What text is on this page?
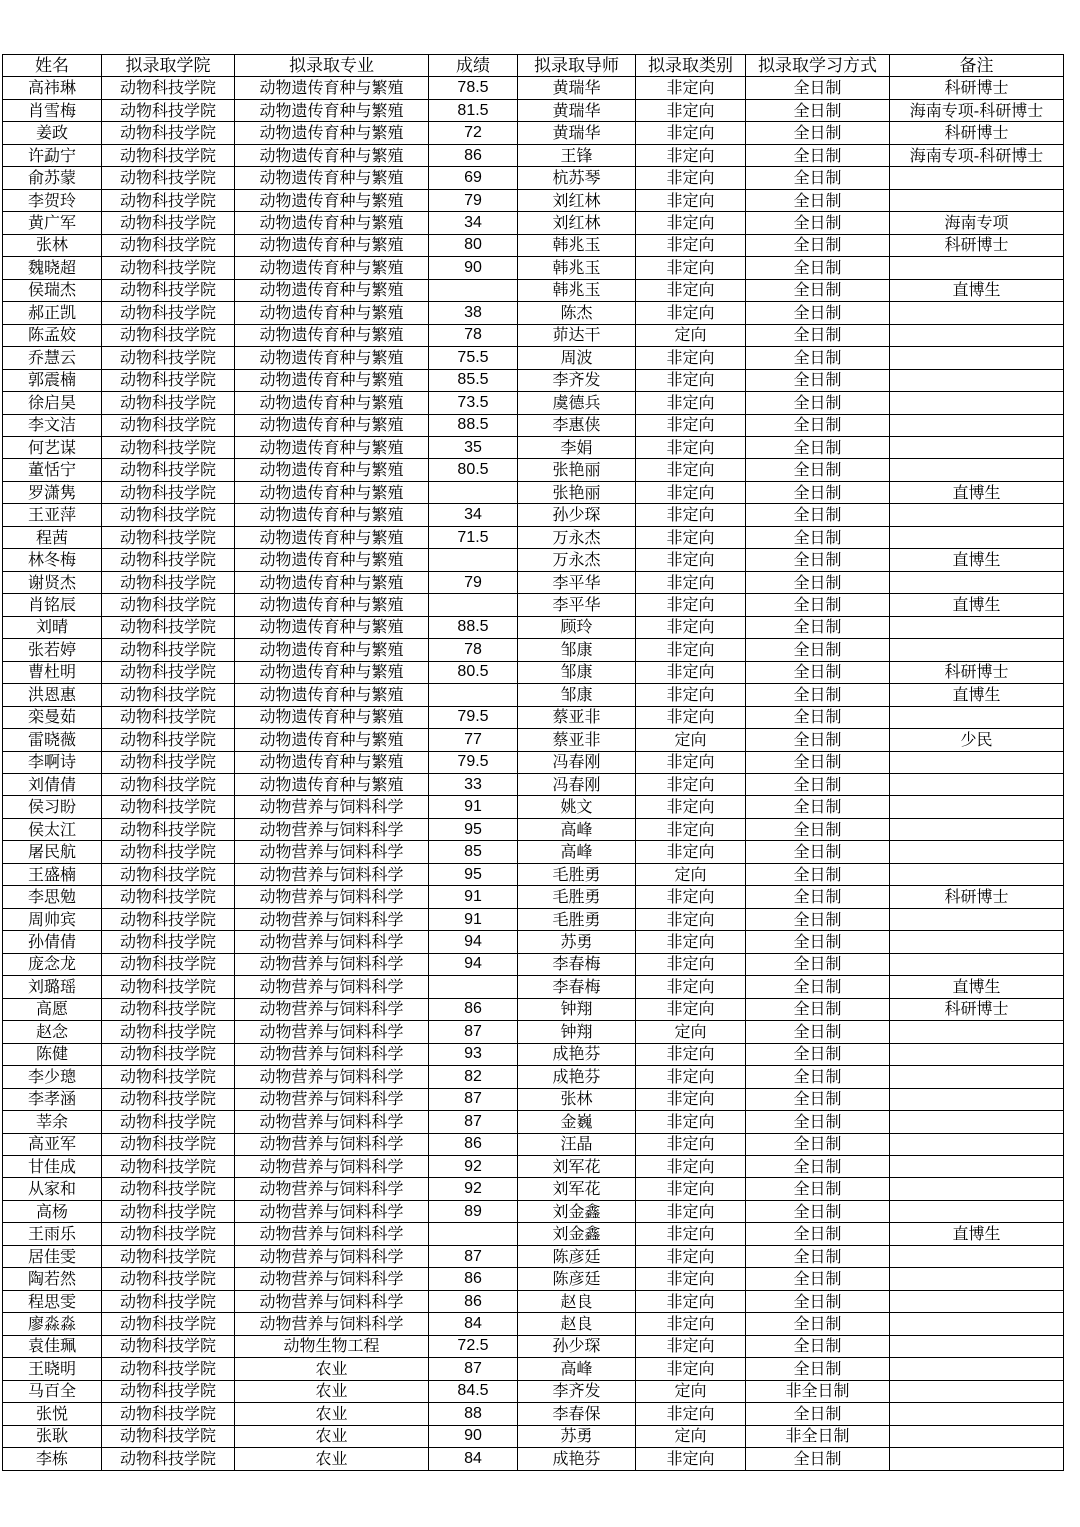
姓名	拟录取学院	拟录取专业	成绩	拟录取导师	拟录取类别	拟录取学习方式	备注
高祎琳	动物科技学院	动物遗传育种与繁殖	78.5	黄瑞华	非定向	全日制	科研博士
肖雪梅	动物科技学院	动物遗传育种与繁殖	81.5	黄瑞华	非定向	全日制	海南专项-科研博士
姜政	动物科技学院	动物遗传育种与繁殖	72	黄瑞华	非定向	全日制	科研博士
许勐宁	动物科技学院	动物遗传育种与繁殖	86	王锋	非定向	全日制	海南专项-科研博士
俞苏蒙	动物科技学院	动物遗传育种与繁殖	69	杭苏琴	非定向	全日制	
李贺玲	动物科技学院	动物遗传育种与繁殖	79	刘红林	非定向	全日制	
黄广军	动物科技学院	动物遗传育种与繁殖	34	刘红林	非定向	全日制	海南专项
张林	动物科技学院	动物遗传育种与繁殖	80	韩兆玉	非定向	全日制	科研博士
魏晓超	动物科技学院	动物遗传育种与繁殖	90	韩兆玉	非定向	全日制	
侯瑞杰	动物科技学院	动物遗传育种与繁殖		韩兆玉	非定向	全日制	直博生
郝正凯	动物科技学院	动物遗传育种与繁殖	38	陈杰	非定向	全日制	
陈孟姣	动物科技学院	动物遗传育种与繁殖	78	茆达干	定向	全日制	
乔慧云	动物科技学院	动物遗传育种与繁殖	75.5	周波	非定向	全日制	
郭震楠	动物科技学院	动物遗传育种与繁殖	85.5	李齐发	非定向	全日制	
徐启昊	动物科技学院	动物遗传育种与繁殖	73.5	虞德兵	非定向	全日制	
李文洁	动物科技学院	动物遗传育种与繁殖	88.5	李惠侠	非定向	全日制	
何艺谋	动物科技学院	动物遗传育种与繁殖	35	李娟	非定向	全日制	
董恬宁	动物科技学院	动物遗传育种与繁殖	80.5	张艳丽	非定向	全日制	
罗潇隽	动物科技学院	动物遗传育种与繁殖		张艳丽	非定向	全日制	直博生
王亚萍	动物科技学院	动物遗传育种与繁殖	34	孙少琛	非定向	全日制	
程茜	动物科技学院	动物遗传育种与繁殖	71.5	万永杰	非定向	全日制	
林冬梅	动物科技学院	动物遗传育种与繁殖		万永杰	非定向	全日制	直博生
谢贤杰	动物科技学院	动物遗传育种与繁殖	79	李平华	非定向	全日制	
肖铭辰	动物科技学院	动物遗传育种与繁殖		李平华	非定向	全日制	直博生
刘晴	动物科技学院	动物遗传育种与繁殖	88.5	顾玲	非定向	全日制	
张若婷	动物科技学院	动物遗传育种与繁殖	78	邹康	非定向	全日制	
曹杜明	动物科技学院	动物遗传育种与繁殖	80.5	邹康	非定向	全日制	科研博士
洪恩惠	动物科技学院	动物遗传育种与繁殖		邹康	非定向	全日制	直博生
栾曼茹	动物科技学院	动物遗传育种与繁殖	79.5	蔡亚非	非定向	全日制	
雷晓薇	动物科技学院	动物遗传育种与繁殖	77	蔡亚非	定向	全日制	少民
李啊诗	动物科技学院	动物遗传育种与繁殖	79.5	冯春刚	非定向	全日制	
刘倩倩	动物科技学院	动物遗传育种与繁殖	33	冯春刚	非定向	全日制	
侯习盼	动物科技学院	动物营养与饲料科学	91	姚文	非定向	全日制	
侯太江	动物科技学院	动物营养与饲料科学	95	高峰	非定向	全日制	
屠民航	动物科技学院	动物营养与饲料科学	85	高峰	非定向	全日制	
王盛楠	动物科技学院	动物营养与饲料科学	95	毛胜勇	定向	全日制	
李思勉	动物科技学院	动物营养与饲料科学	91	毛胜勇	非定向	全日制	科研博士
周帅宾	动物科技学院	动物营养与饲料科学	91	毛胜勇	非定向	全日制	
孙倩倩	动物科技学院	动物营养与饲料科学	94	苏勇	非定向	全日制	
庞念龙	动物科技学院	动物营养与饲料科学	94	李春梅	非定向	全日制	
刘璐瑶	动物科技学院	动物营养与饲料科学		李春梅	非定向	全日制	直博生
高愿	动物科技学院	动物营养与饲料科学	86	钟翔	非定向	全日制	科研博士
赵念	动物科技学院	动物营养与饲料科学	87	钟翔	定向	全日制	
陈健	动物科技学院	动物营养与饲料科学	93	成艳芬	非定向	全日制	
李少璁	动物科技学院	动物营养与饲料科学	82	成艳芬	非定向	全日制	
李孝涵	动物科技学院	动物营养与饲料科学	87	张林	非定向	全日制	
莘余	动物科技学院	动物营养与饲料科学	87	金巍	非定向	全日制	
高亚军	动物科技学院	动物营养与饲料科学	86	汪晶	非定向	全日制	
甘佳成	动物科技学院	动物营养与饲料科学	92	刘军花	非定向	全日制	
从家和	动物科技学院	动物营养与饲料科学	92	刘军花	非定向	全日制	
高杨	动物科技学院	动物营养与饲料科学	89	刘金鑫	非定向	全日制	
王雨乐	动物科技学院	动物营养与饲料科学		刘金鑫	非定向	全日制	直博生
居佳雯	动物科技学院	动物营养与饲料科学	87	陈彦廷	非定向	全日制	
陶若然	动物科技学院	动物营养与饲料科学	86	陈彦廷	非定向	全日制	
程思雯	动物科技学院	动物营养与饲料科学	86	赵良	非定向	全日制	
廖淼淼	动物科技学院	动物营养与饲料科学	84	赵良	非定向	全日制	
袁佳珮	动物科技学院	动物生物工程	72.5	孙少琛	非定向	全日制	
王晓明	动物科技学院	农业	87	高峰	非定向	全日制	
马百全	动物科技学院	农业	84.5	李齐发	定向	非全日制	
张悦	动物科技学院	农业	88	李春保	非定向	全日制	
张耿	动物科技学院	农业	90	苏勇	定向	非全日制	
李栋	动物科技学院	农业	84	成艳芬	非定向	全日制	
